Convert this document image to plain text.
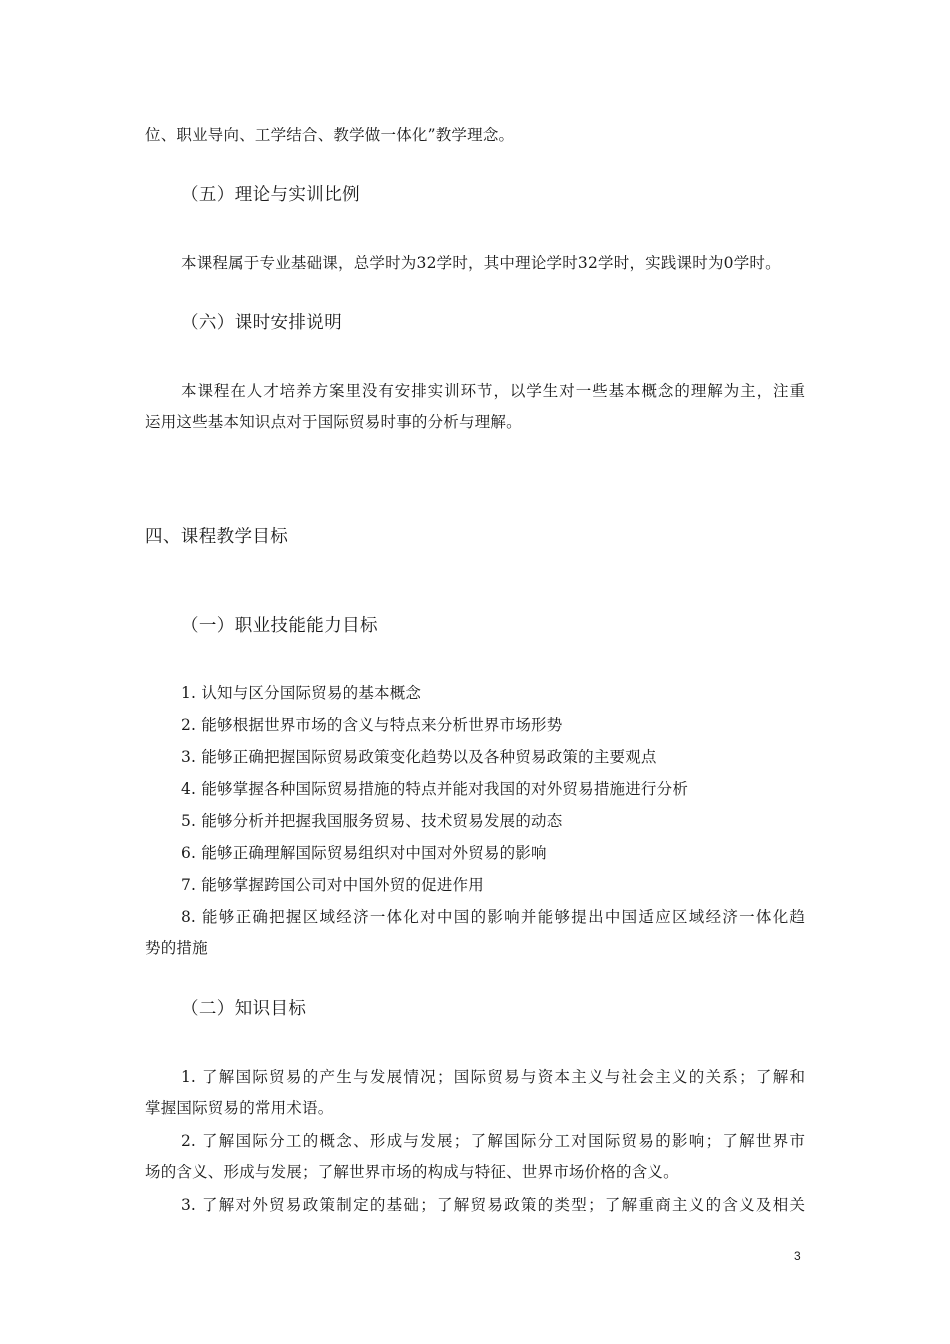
位、职业导向、工学结合、教学做一体化”教学理念。
（五）理论与实训比例
本课程属于专业基础课，总学时为32学时，其中理论学时32学时，实践课时为0学时。
（六）课时安排说明
本课程在人才培养方案里没有安排实训环节，以学生对一些基本概念的理解为主，注重
运用这些基本知识点对于国际贸易时事的分析与理解。
四、课程教学目标
（一）职业技能能力目标
1. 认知与区分国际贸易的基本概念
2. 能够根据世界市场的含义与特点来分析世界市场形势
3. 能够正确把握国际贸易政策变化趋势以及各种贸易政策的主要观点
4. 能够掌握各种国际贸易措施的特点并能对我国的对外贸易措施进行分析
5. 能够分析并把握我国服务贸易、技术贸易发展的动态
6. 能够正确理解国际贸易组织对中国对外贸易的影响
7. 能够掌握跨国公司对中国外贸的促进作用
8. 能够正确把握区域经济一体化对中国的影响并能够提出中国适应区域经济一体化趋
势的措施
（二）知识目标
1. 了解国际贸易的产生与发展情况；国际贸易与资本主义与社会主义的关系；了解和
掌握国际贸易的常用术语。
2. 了解国际分工的概念、形成与发展；了解国际分工对国际贸易的影响；了解世界市
场的含义、形成与发展；了解世界市场的构成与特征、世界市场价格的含义。
3. 了解对外贸易政策制定的基础；了解贸易政策的类型；了解重商主义的含义及相关
3
